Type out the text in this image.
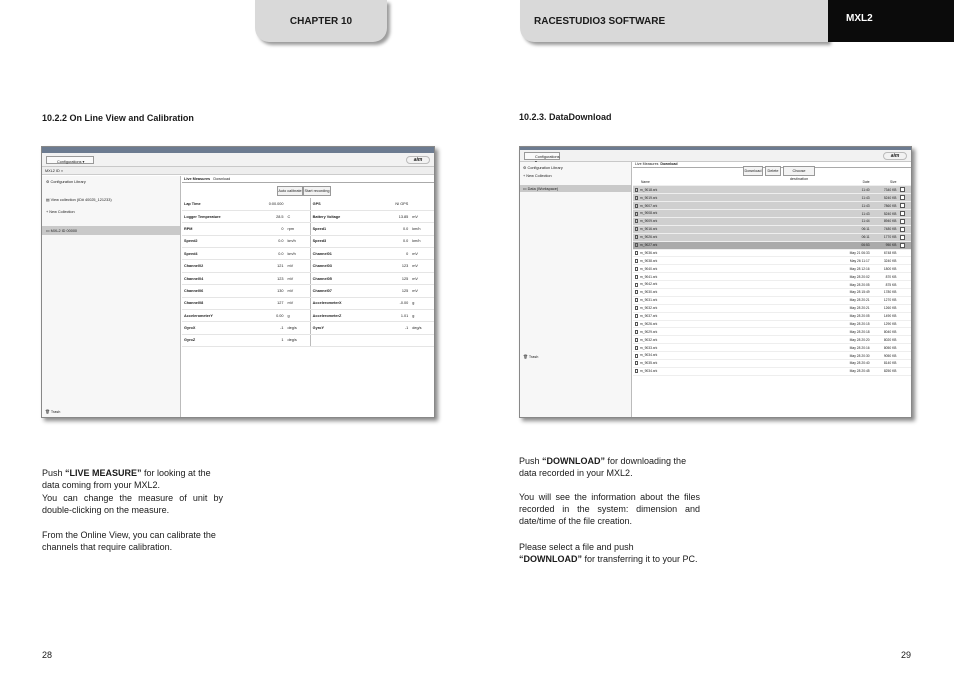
CHAPTER 10	RACESTUDIO3 SOFTWARE	MXL2
10.2.2 On Line View and Calibration
Configurations ▾	aim
MXL2 ID ×
⚙ Configuration Library
▤ View collection (ID# 40025_121233)
+ New Collection
▭ MXL2 ID 00000
🗑 Trash
Live Measures Download
Auto calibrate Start recording
Lap Time	0:00.000		GPS	NI GPS	
Logger Temperature	28.5	C	Battery Voltage	13.85	mV
RPM	0	rpm	Speed1	0.0	km/h
Speed2	0.0	km/h	Speed3	0.0	km/h
Speed4	0.0	km/h	Channel01	0	mV
Channel02	121	mV	Channel03	123	mV
Channel04	123	mV	Channel05	125	mV
Channel06	130	mV	Channel07	125	mV
Channel08	127	mV	AccelerometerX	-0.00	g
AccelerometerY	0.00	g	AccelerometerZ	1.01	g
GyroX	-1	deg/s	GyroY	-1	deg/s
GyroZ	1	deg/s			
Push “LIVE MEASURE” for looking at the data coming from your MXL2.
You can change the measure of unit by double-clicking on the measure.
From the Online View, you can calibrate the channels that require calibration.
28
10.2.3. DataDownload
Configurations	aim
⚙ Configuration Library
+ New Collection
▭ Data (Workspace)
🗑 Trash
Live Measures Download
Download	Delete	Choose destination
Name	Date	Size	
m_9018.xrk	11:40	7340 KB	
m_9019.xrk	11:43	5240 KB	
m_9007.xrk	11:43	7860 KB	
m_9008.xrk	11:43	5240 KB	
m_9009.xrk	11:44	8940 KB	
m_9016.xrk	06:11	7480 KB	
m_9026.xrk	06:11	1770 KB	
m_9027.xrk	06:53	950 KB	
m_9036.xrk	May 21 06:33	6748 KB	
m_9038.xrk	May 26 11:17	3240 KB	
m_9040.xrk	May 28 12:16	1800 KB	
m_9041.xrk	May 28 20:02	870 KB	
m_9042.xrk	May 28 20:05	875 KB	
m_9030.xrk	May 28 15:49	1780 KB	
m_9031.xrk	May 28 20:21	1270 KB	
m_9032.xrk	May 28 20:21	1260 KB	
m_9037.xrk	May 28 20:05	1490 KB	
m_9026.xrk	May 28 20:15	1290 KB	
m_9029.xrk	May 28 20:18	8040 KB	
m_9032.xrk	May 28 20:20	8020 KB	
m_9033.xrk	May 28 20:16	8050 KB	
m_9034.xrk	May 28 20:30	9050 KB	
m_9035.xrk	May 28 20:40	8140 KB	
m_9034.xrk	May 28 20:45	8250 KB	
Push “DOWNLOAD” for downloading the data recorded in your MXL2.
You will see the information about the files recorded in the system: dimension and date/time of the file creation.
Please select a file and push
“DOWNLOAD” for transferring it to your PC.
29
